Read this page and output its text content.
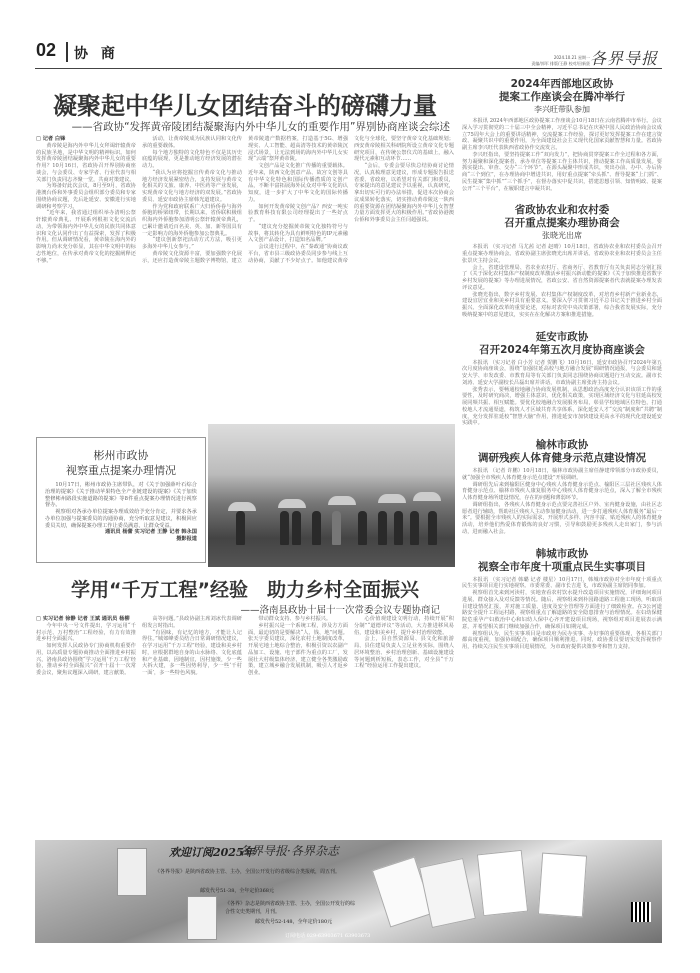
02 协 商	2024.10.21 星期一
责编/郭军 排版/王静 校对/田新贤 各界导报
凝聚起中华儿女团结奋斗的磅礴力量
——省政协“发挥黄帝陵团结凝聚海内外中华儿女的重要作用”界别协商座谈会综述

□ 记者 白锋

黄帝陵是海内外中华儿女拜谒轩辕黄帝的民族圣地，是中华文明的精神标识。如何发挥黄帝陵团结凝聚海内外中华儿女的重要作用？10月16日，省政协召开界别协商座谈会，与会委员、专家学者、行业代表与相关部门负责同志齐聚一堂，共商对策建议。

为筹备好此次会议，8月至9月，省政协港澳台侨和外事委员会组织部分委员和专家围绕协商议题，先后赴延安、安徽进行实地调研和考察学习。

“近年来，我省通过组织举办清明公祭轩辕黄帝典礼、开展系列根祖文化交流活动，为带领海内外中华儿女的民族共同体意识和文化认同作出了有益探索，发挥了积极作用。但从调研情况看，黄帝陵在海内外的影响力尚未充分彰显，其在中华文明中的标志性地位，在传承对黄帝文化的挖掘阐释还不够。”

活动，让黄帝陵成为民族认同和文化传承的重要载体。

每个地方独特的文化特色不仅是其历史底蕴的展现，更是推动地方经济发展的潜在动力。

“我认为应将挖掘宣传黄帝文化与推动地方经济发展紧密结合，支持发展与黄帝文化相关的文旅、康养、中医药等产业发展，实现黄帝文化与地方经济的双发展。”省政协委员、延安市政协主席韩光道建议。

作为党和政府联系广大归侨侨眷与海外侨胞的桥梁纽带，长期以来，省侨联积极组织海内外侨胞参加清明公祭轩辕黄帝典礼，已累计邀请近百名美、英、加、新等国具有一定影响力的海外侨胞参加公祭典礼。

“建议创新祭祀活动方式方法，吸引更多海外中华儿女参与。”

黄帝陵文化资源丰富，要加强数字化展示，还应打造黄帝陵主题数字博物馆，建立黄帝陵遗产数据档案，打造基于5G、增强现实、人工智能、超高清等技术的黄帝陵沉浸式场景，让无法到场的海内外中华儿女实现“云端”祭拜黄帝陵。

文创产品是文化推广传播的重要载体。近年来，陕西文化创意产品、故宫文创等具有中华文化特色和国际传播潜质的文创产品，不断丰富拓展海外民众对中华文化的认知度，进一步扩大了中华文化的国际传播力。

如何开发黄帝陵文创产品？西安一吨实验教育科技有限公司经理提出了一些好点子。

“建议充分挖掘黄帝陵文化独特符号与故事，将其转化为具有鲜明特色的IP元素融入文创产品设计，打造知名品牌。”

会议进行过程中，在“秦政通”协商议政平台，省市县三级政协委员同步参与线上互动协商，贡献了不少好点子。如他建议黄帝文化与全球化，要坚守黄帝文化基础规划；西安黄帝陵相关科研院所设立黄帝文化专题研究项目，在传统公祭仪式的基础上，融入现代元素和互动环节……

“会后，专委会要尽快总结协商讨论情况，认真梳理意见建议，形成专题报告报送省委、省政府，以希望对有关部门和委员，专家提出的意见建议予以重视，认真研究，拿出切实可行的办法举措，促进本次协商会议成果转化落实，切实推动黄帝陵这一陕西的重要资源在团结凝聚海内外中华儿女智慧力量方面发挥更大的积极作用。”省政协港澳台侨和外事委员会主任闫超强说。

彬州市政协
视察重点提案办理情况

10月17日，彬州市政协主席带队，对《关于加强薛叶石综合治理的提案》《关于推动苹果特色全产业链建设的提案》《关于加快整修彬州路段实施道路的提案》等8件重点提案办理情况进行视察督办。

视察组对各承办单位提案办理成效给予充分肯定，并要求各承办单位加强与提案委员的沟通协商，充分听取意见建议，积极回应委员关切，确保提案办理工作让委员满意，让群众受益。

通讯员 杨蕾 实习记者 王静 记者 韩永国

摄影报道

学用“千万工程”经验　助力乡村全面振兴
——洛南县政协十届十一次常委会议专题协商记

□ 实习记者 徐静 记者 王斌 通讯员 杨柳

今年中央一号文件提出，学习运用“千村示范、万村整治”工程经验，有力有效推进乡村全面振兴。

如何发挥人民政协专门协商机构重要作用，以高质量专题协商推动全面推进乡村振兴，洛南县政协围绕“学习运用‘千万工程’经验，推动乡村全面振兴”召开十届十一次常委会议，聚焦议题深入调研，建言献策。

高等问题。”县政协副主席刘冰代表调研组发言时指出。

“有固味，有记忆的地方，才能让人记得住。”城郊峰委员结合日常调研情况建议，在学习运用“千万工程”经验，建设和美乡村时，应根据群地自身的山水脉络、文化底蕴和产业基础，因地制宜，因村施策，少一些大拆大建，多一些因势利导，少一些‘千村一面’，多一些特色风貌。

带动群众支持、参与乡村振兴。

乡村振兴是一个系统工程，涉及方方面面，最迫切的是要解决“人、钱、地”问题。张天宇委员建议，深化农村土地制度改革，开展宅地土地综合整治，积极引资以农副产品加工、设施、电子部件为重点的工厂，发展壮大村级集体经济，建立健全各类激励政策，建立城乡融合发展机制，吸引人才返乡创业。

心价值观建设文明行动，持续开展“积分制”“道德评议”等活动，大力推进移风易俗，建设和美乡村，提升乡村治理效能。

会上，县自然资源局、县文化和旅游局、县住建局负责人立足业务实际，围绕人居环境整治、乡村治理创新、基础设施建设等问题到析短板，表态工作，对全县“千万工程”经验运用工作提出建议。

2024年西部地区政协
提案工作座谈会在腾冲举行
李兴旺带队参加

本报讯 2024年西部地区政协提案工作座谈会10月18日在云南省腾冲市举行。会议深入学习贯彻党的二十届三中全会精神，习近平总书记在庆祝中国人民政治协商会议成立75周年大会上的重要讲话精神，交流提案工作经验，探讨更好发挥提案工作在建言资政、凝聚共识中的重要作用，为全面建设社会主义现代化国家贡献智慧和力量。省政协副主席李兴旺代表陕西省政协作交流发言。

李兴旺指出，要坚持提案工作“双向发力”，把协商贯穿提案工作全过程和各方面，努力凝聚和深化提案者、承办单位等提案工作主体共识，推动提案工作高质量发展。要抓实提出、审查、交办“三个环节”，在源头凝聚中形成共识，突出办前、办中、办后协商“三个到位”，在办理协商中增进共识，用好重点提案“牵头抓”、督导提案“上门抓”、民生提案“集中抓”“三个抓手”，在督办落实中促共识，搭建思想引领、知情明政、提案公开“三个平台”，在履职建言中凝共识。

省政协农业和农村委
召开重点提案办理协商会
张晓光出席

本报讯 （实习记者 马尤茜 记者 赵晴）10月18日，省政协农业和农村委员会召开重点提案办理协商会。省政协副主席张晓光出席并讲话。省政协农业和农村委员会主任张景庆主持会议。

会上，省建设管理局、省农业农村厅、省商务厅、省教育厅有关负责同志分别汇报了《关于深化农村集体产权制度改革激活乡村振兴新动能的提案》《关于加快推进省数字乡村发展的提案》等办理进展情况，省政公安、省自然资源提案者代表就提案办理发表评议意见。

张晓光指出，数字乡村发展、农村集体产权制度改革，对培育乡村新产业新业态，建设宜居宜业和美乡村具有重要意义。要深入学习贯彻习近平总书记关于推进乡村全面振兴、全面深化改革的重要论述，对标对表党中央决策部署，综合我省发展实际，充分吸纳提案中的意见建议，实实在在化解决方案和推进措施。

延安市政协
召开2024年第五次月度协商座谈会

本报讯 （实习记者 白小芳 记者 贺鹏飞）10月16日，延安市政协召开2024年第五次月度协商座谈会，围绕“加强驻延高校与地方融合发展”调研情况通报，与会委员和延安大学、市发改委、市教育局等有关部门负责同志围绕协商议题进行互动交流。副市长刘涛、延安大学副校长吕磊出席并讲话，市政协副主席张涛主持会议。

张秀表示，要畅通校地融合协商发展机制，从思想政治高度充分认识该项工作的重要性，及时研究商决，增强主体意识，优化相关政策，实现区域经济文化与驻延高校发展同频共振、相互赋能。要优化校地融合发展服务布局，彰显学校地域区位特色，打通校地人才流通渠道，构筑人才区域共育共享体系，深化延安人才“交流”制度和“共聘”制度，充分发挥驻延校“智慧大脑”作用，推进延安市加快建设更高水平的现代化建设延安实践中。

榆林市政协
调研残疾人体育健身示范点建设情况

本报讯 （记者 许鹏）10月18日，榆林市政协副主席任静建带领部分市政协委员，就“加强全市残疾人体育健身示范点建设”开展调研。

调研组先后来到榆阳区健身中心残疾人体育健身示范点、榆阳区三层社区残疾人体育健身示范点、榆林市残疾人康复服务中心残疾人体育健身示范点，深入了解全市残疾人体育健身场所建设情况，存在的问题和薄弱环节。

调研组指出，各残疾人体育健身示范点要完善社区户外、室内健身设施，由社区志愿者进行辅助，帮助社区残疾人主动参加健身活动，进一步打通残疾人体育服务“最后一米”。要根据全市残疾人的实际需求，开展形式多样、内容丰富、贴近残疾人的体育健身活动，培养他们热爱体育锻炼的良好习惯，引导和鼓励更多残疾人走出家门，参与活动，进而融入社会。

韩城市政协
视察全市年度十项重点民生实事项目

本报讯 （实习记者 韩璐 记者 楼星）10月17日，韩城市政协对全市年度十项重点民生实事项目进行实地视察。市委常委、副市长吉进飞，市政协副主席陪同参加。

视察组首先来到河渎村，实地查看农村饮水提升改造项目实施情况，详细询问项目进展、群众接入及对反馈等情况。随后，视察组来到朴园路道路工程施工现场，听取项目建设情况汇报，并对施工质量、进度及安全管理等方面进行了细致检查。在3公河道路安全提升工程运村路，视察组重点了解道路的安全隐患排查与治理情况。在妇幼保健院危重孕产妇救治中心和妇幼人保中心齐开建设项目现场，视察组对项目进展表示满意，并希望相关部门继续加强合作，确保项目如期完成。

视察组认为，民生实事项目是市政府为民办实事、办好事的重要体现，各相关部门都高度重视，加强协调配合，确保项目顺利推进。同时，政协委员要切实发挥视察作用，持续关注民生实事项目进展情况，为市政府提供决策参考和智力支持。

欢迎订阅2025年
各界导报·各界杂志
《各界导报》是陕西省政协主管、主办，全国公开发行的省级综合类报纸，周五刊。
邮发代号51-38，全年定价368元
《各界》杂志是陕西省政协主管、主办，全国公开发行的综合性文史类期刊，月刊。
邮发代号52-148，全年定价180元
订阅电话 029-63903671 63903673
